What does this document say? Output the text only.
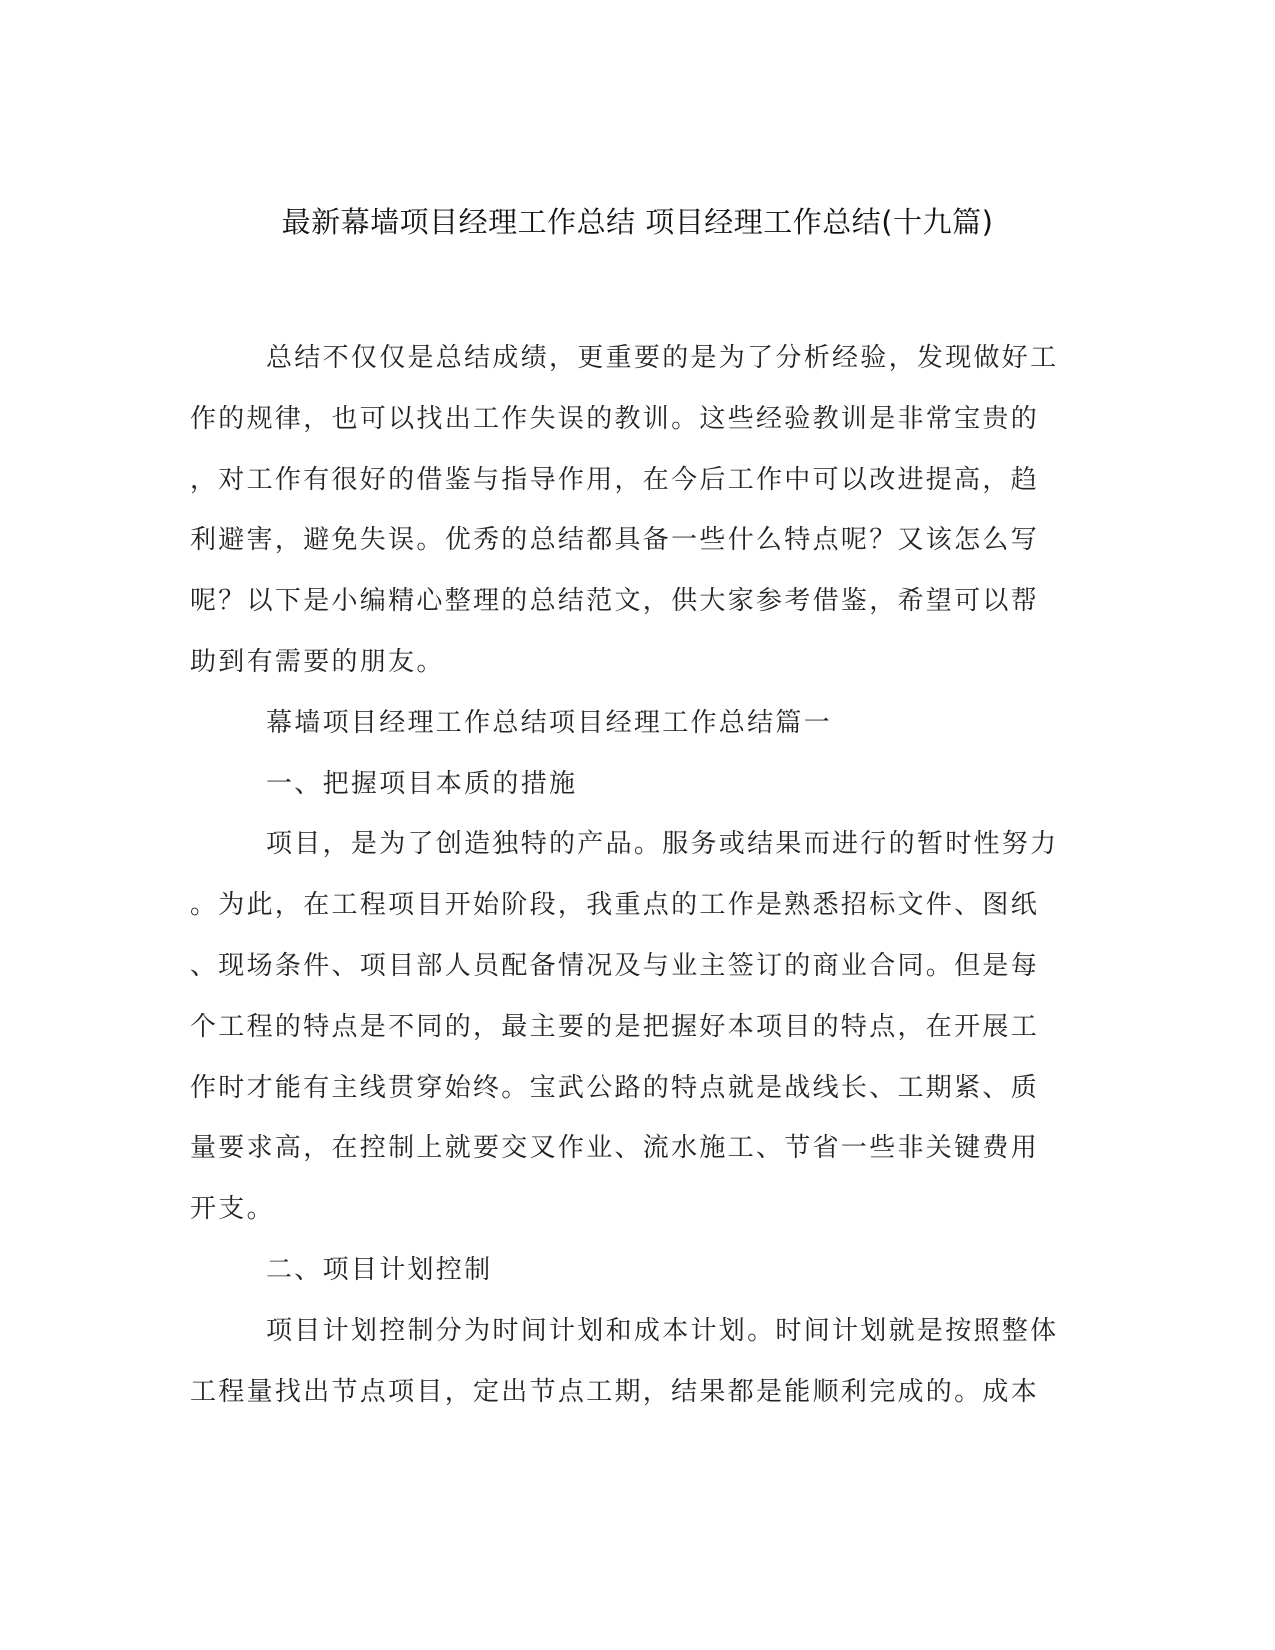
最新幕墙项目经理工作总结 项目经理工作总结(十九篇)
总结不仅仅是总结成绩，更重要的是为了分析经验，发现做好工
作的规律，也可以找出工作失误的教训。这些经验教训是非常宝贵的
，对工作有很好的借鉴与指导作用，在今后工作中可以改进提高，趋
利避害，避免失误。优秀的总结都具备一些什么特点呢？又该怎么写
呢？以下是小编精心整理的总结范文，供大家参考借鉴，希望可以帮
助到有需要的朋友。
幕墙项目经理工作总结项目经理工作总结篇一
一、把握项目本质的措施
项目，是为了创造独特的产品。服务或结果而进行的暂时性努力
。为此，在工程项目开始阶段，我重点的工作是熟悉招标文件、图纸
、现场条件、项目部人员配备情况及与业主签订的商业合同。但是每
个工程的特点是不同的，最主要的是把握好本项目的特点，在开展工
作时才能有主线贯穿始终。宝武公路的特点就是战线长、工期紧、质
量要求高，在控制上就要交叉作业、流水施工、节省一些非关键费用
开支。
二、项目计划控制
项目计划控制分为时间计划和成本计划。时间计划就是按照整体
工程量找出节点项目，定出节点工期，结果都是能顺利完成的。成本
